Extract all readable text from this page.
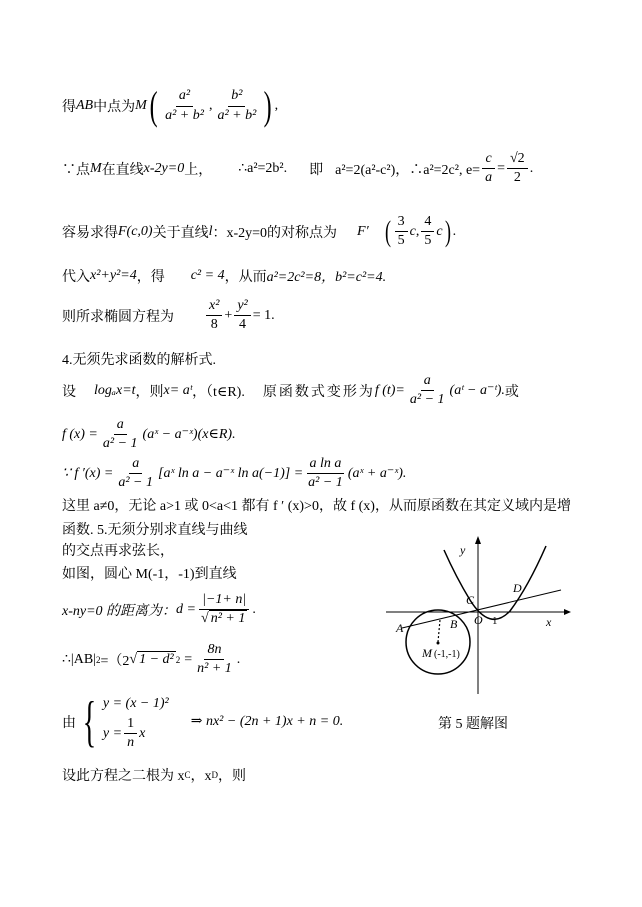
得 AB 中点为 M ( $\frac{\text{a²}}{\text{a² + b²}}$ , $\frac{\text{b²}}{\text{a² + b²}}$ ) ,
∵点 M 在直线 x-2y=0 上， ∴a²=2b². 即 a²=2(a²-c²)，∴a²=2c², $e= \frac{c}{a} = \frac{√2}{2}$ .
容易求得 F(c,0) 关于直线 l ：x-2y=0 的对称点为 F′ ( $\frac{3}{5}$ c , $\frac{4}{5}$ c ) .
代入 x²+y²=4 ，得 c² = 4 ，从而 a²=2c²=8，b²=c²=4.
则所求椭圆方程为 $\frac{\text{x²}}{8} + \frac{\text{y²}}{4} = 1$.
4.无须先求函数的解析式.
设 logₐx=t ，则 x= aᵗ ，（t∈R). 原函数式变形为 f $(t)= \frac{a}{\text{a² − 1}}$ (aᵗ − a⁻ᵗ). 或
f $(x) = \frac{a}{\text{a² − 1}}$ (aˣ − a⁻ˣ) (x∈R).
∵ f $'(x) = \frac{a}{\text{a² − 1}}$ [aˣ ln a − a⁻ˣ $\ln a(-1)] = \frac{\text{a ln a}}{\text{a² − 1}}$ (aˣ + a⁻ˣ).
这里 a≠0，无论 a>1 或 0<a<1 都有 f ′ (x)>0，故 f (x)，从而原函数在其定义域内是增
函数. 5.无须分别求直线与曲线
的交点再求弦长，
如图，圆心 M(-1，-1)到直线
x-ny=0 的距离为： $d = \frac{|-1+ n|}{\text{√ n² + 1}}$ .
∴|AB| 2 =（2 √ 1 − d² $2 = \frac{8n}{\text{n² + 1}}$ .
由 { y = (x − 1)²
$y = \frac{1}{n}$ x
⇒ nx² − (2n + 1)x + n = 0.
设此方程之二根为 x C ，x D ，则
y
x
O 1
A	B
C
D
M (-1,-1)
第 5 题解图
